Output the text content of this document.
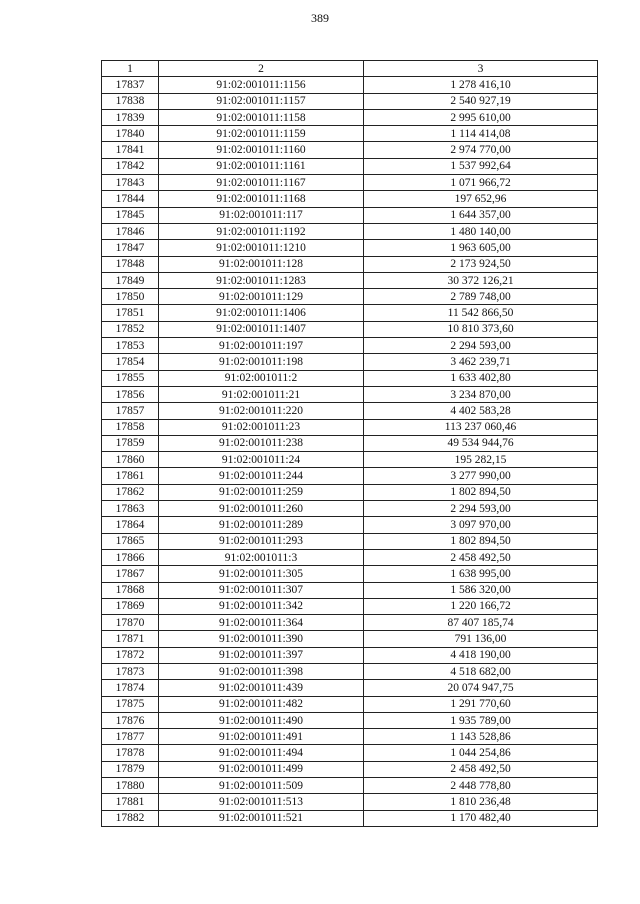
389
1	2	3
17837	91:02:001011:1156	1 278 416,10
17838	91:02:001011:1157	2 540 927,19
17839	91:02:001011:1158	2 995 610,00
17840	91:02:001011:1159	1 114 414,08
17841	91:02:001011:1160	2 974 770,00
17842	91:02:001011:1161	1 537 992,64
17843	91:02:001011:1167	1 071 966,72
17844	91:02:001011:1168	197 652,96
17845	91:02:001011:117	1 644 357,00
17846	91:02:001011:1192	1 480 140,00
17847	91:02:001011:1210	1 963 605,00
17848	91:02:001011:128	2 173 924,50
17849	91:02:001011:1283	30 372 126,21
17850	91:02:001011:129	2 789 748,00
17851	91:02:001011:1406	11 542 866,50
17852	91:02:001011:1407	10 810 373,60
17853	91:02:001011:197	2 294 593,00
17854	91:02:001011:198	3 462 239,71
17855	91:02:001011:2	1 633 402,80
17856	91:02:001011:21	3 234 870,00
17857	91:02:001011:220	4 402 583,28
17858	91:02:001011:23	113 237 060,46
17859	91:02:001011:238	49 534 944,76
17860	91:02:001011:24	195 282,15
17861	91:02:001011:244	3 277 990,00
17862	91:02:001011:259	1 802 894,50
17863	91:02:001011:260	2 294 593,00
17864	91:02:001011:289	3 097 970,00
17865	91:02:001011:293	1 802 894,50
17866	91:02:001011:3	2 458 492,50
17867	91:02:001011:305	1 638 995,00
17868	91:02:001011:307	1 586 320,00
17869	91:02:001011:342	1 220 166,72
17870	91:02:001011:364	87 407 185,74
17871	91:02:001011:390	791 136,00
17872	91:02:001011:397	4 418 190,00
17873	91:02:001011:398	4 518 682,00
17874	91:02:001011:439	20 074 947,75
17875	91:02:001011:482	1 291 770,60
17876	91:02:001011:490	1 935 789,00
17877	91:02:001011:491	1 143 528,86
17878	91:02:001011:494	1 044 254,86
17879	91:02:001011:499	2 458 492,50
17880	91:02:001011:509	2 448 778,80
17881	91:02:001011:513	1 810 236,48
17882	91:02:001011:521	1 170 482,40
